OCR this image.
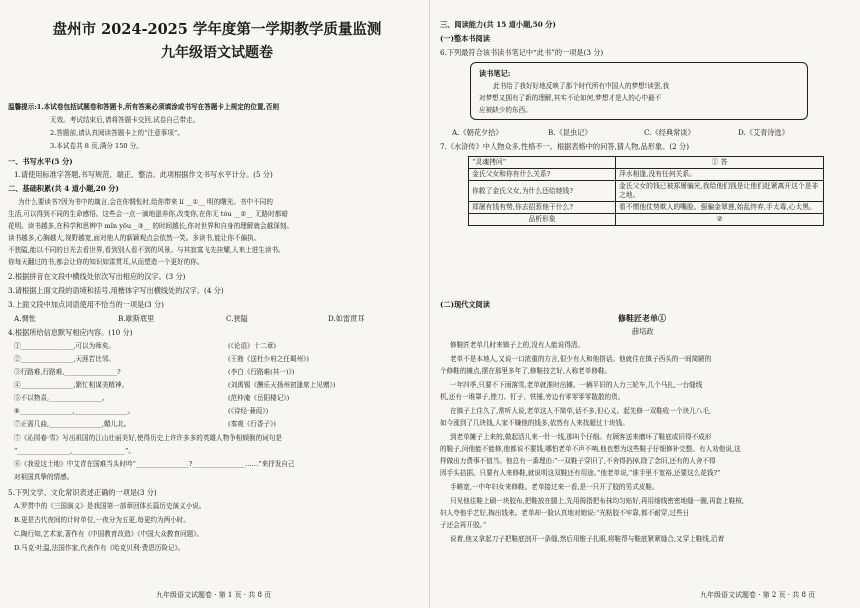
盘州市 2024-2025 学年度第一学期教学质量监测
九年级语文试题卷
温馨提示:1.本试卷包括试题卷和答题卡,所有答案必须填涂或书写在答题卡上规定的位置,否则
无效。考试结束后,请将答题卡交回,试卷自己带走。
2.答题前,请认真阅读答题卡上的“注意事项”。
3.本试卷共 8 页,满分 150 分。
一、书写水平(5 分)
1.请使用标准字答题,书写规范、端正、整洁。此项根据作文书写水平计分。(5 分)
二、基础积累(共 4 道小题,20 分)
为什么要读书?因为书中的箴言,会在你惆怅时,给你带来 lí __①__ 明的曙光。书中不同的
生活,可以得到不同的生命感悟。这些会一点一滴地滋养你,改变你,在你无 tóu __②__ 无路时都暗
花明。读书越多,在科学和思辨中 mǐn yōu__③__ 的时间越长,你对世界和自身的理解就会越深刻。
读书越多,心胸越大,视野越宽,面对他人的新颖观点会依然一笑。多读书,能让你不偏执、
不狭隘,能以不同的目光去看世界,看到别人看不到的风景。与其寂寞飞先挂耀,人来上进生读书。
你每天翻过的书,都会让你的知识如雷贯耳,从而塑造一个更好的你。
2.根据拼音在文段中横线处依次写出相应的汉字。(3 分)
3.请根据上面文段的语境和括号,用楷体字写出横线处的汉字。(4 分)
3.上面文段中加点词语使用不恰当的一项是(3 分)
A.惆怅	B.歇斯底里	C.狭隘	D.如雷贯耳
4.根据所给信息默写相应内容。(10 分)
①________________,可以为师矣。	(《论语》十二章)
②________________,天涯若比邻。	(王勃《送杜少府之任蜀州》)
③行路难,行路难,________________?	(李白《行路难(其一)》)
④________________,繁忙相谋美精神。	(刘禹锡《酬乐天扬州初逢席上见赠》)
⑤不以物喜,________________。	(范仲淹《岳阳楼记》)
⑥________________,________________。	(《诗经·蒹葭》)
⑦正需几曲,________________,媚儿北。	(秦观《行香子》)
⑦《沁园春·雪》写出祖国的江山壮丽美好,使得历史上许许多多的英雄人物争相倾倒的词句是
“________________,________________”。
⑧《我爱这土地》中艾青在国难当头时吟“________________?________________……”来抒发自己
对祖国真挚的情感。
5.下列文学、文化常识表述正确的一项是(3 分)
A.罗贯中的《三国演义》是我国第一部章回体长篇历史演义小说。
B.更是古代夜间的计时单位,一夜分为五更,每更约为两小时。
C.陶行知,艺术家,著作有《中国教育改造》《中国大众教育问题》。
D.马克·吐温,法国作家,代表作有《哈克贝利·费恩历险记》。
九年级语文试题卷 · 第 1 页 · 共 8 页
三、阅读能力(共 15 道小题,50 分)
(一)整本书阅读
6.下列最符合该书读书笔记中“此书”的一项是(3 分)
读书笔记:
此书给了我好好地反映了那个时代所有中国人的梦想!读罢,我
对梦想又拥有了新的理解,其实不论如何,梦想才是人的心中最不
应被缺少的东西。
A.《朝花夕拾》	B.《昆虫记》	C.《经典常谈》	D.《艾青诗选》
7.《水浒传》中人物众多,性格不一。根据表格中的问答,猜人物,品形象。(2 分)
“灵魂拷问”	① 答
金氏父女和你有什么关系?	萍水相逢,没有任何关系。
你救了金氏父女,为什么还给她钱?	金氏父女的钱已被郑屠骗光,我给他们钱是让他们赶紧离开这个是非之地。
郑屠有钱有势,你去招惹他干什么?	看不惯他仗势欺人的嘴脸。强骗金翠莲,始乱终弃,手太毒,心太黑。
品析形象	②
(二)现代文阅读
修鞋匠老单①
薛培政
修鞋匠老单几时来镇子上的,没有人能说得清。
老单不是本地人,又说一口浓重的方言,很少有人和他搭话。他就住在镇子西头的一间简陋的
个修鞋的摊点,摆在那里多年了,修鞋技艺好,人称老单修鞋。
一年四季,只要不下雨落雪,老单就准时出摊。一辆平旧的人力三轮车,几个马扎,一台缝线
机,还有一堆罩子,锉刀、钉子、铁锤,旁边有零零零零散散的货。
在镇子上住久了,常听人说,老单这人不简单,话不多,但心义。起先修一双鞋收一个块儿八毛,
如今涨到了几块钱,人家不嫌他的钱多,依然有人来找超过十块钱。
到老单摊子上来的,做起活儿来一针一线,那叫个仔细。有顾客送来磨坏了鞋底或旧得不成形
的鞋子,问他能不能修,他都说不要钱,哪怕老单不声不响,他也想为这些鞋子仔细修补完整。有人劝他说,这
样做出力费事不值当。他总有一番理由:“一双鞋子穿旧了,不舍得扔掉,除了念旧,还有的人舍不得
因手头拮据。只要有人来修鞋,就说明这双鞋还有用途。”他老单说,“谁手里不宽裕,还要这么花钱?”
手略宽,一中年妇女来修鞋。老单接过来一看,是一只开了胶的男式皮鞋。
只见他往鞋上刷一块胶布,把鞋放在腿上,先用拇指把布抹均匀贴好,再用细线密密地缝一圈,再套上鞋楦,
妇人夸他手艺好,掏出钱来。老单却一脸认真地对她说:“光粘胶不牢靠,都不耐穿,过些日
子还会再开胶。”
说着,他又拿起刀子把鞋底剖开一条缝,然后用锥子扎眼,将鞋帮与鞋底紧紧缝合,又穿上鞋线,沿着
九年级语文试题卷 · 第 2 页 · 共 8 页
